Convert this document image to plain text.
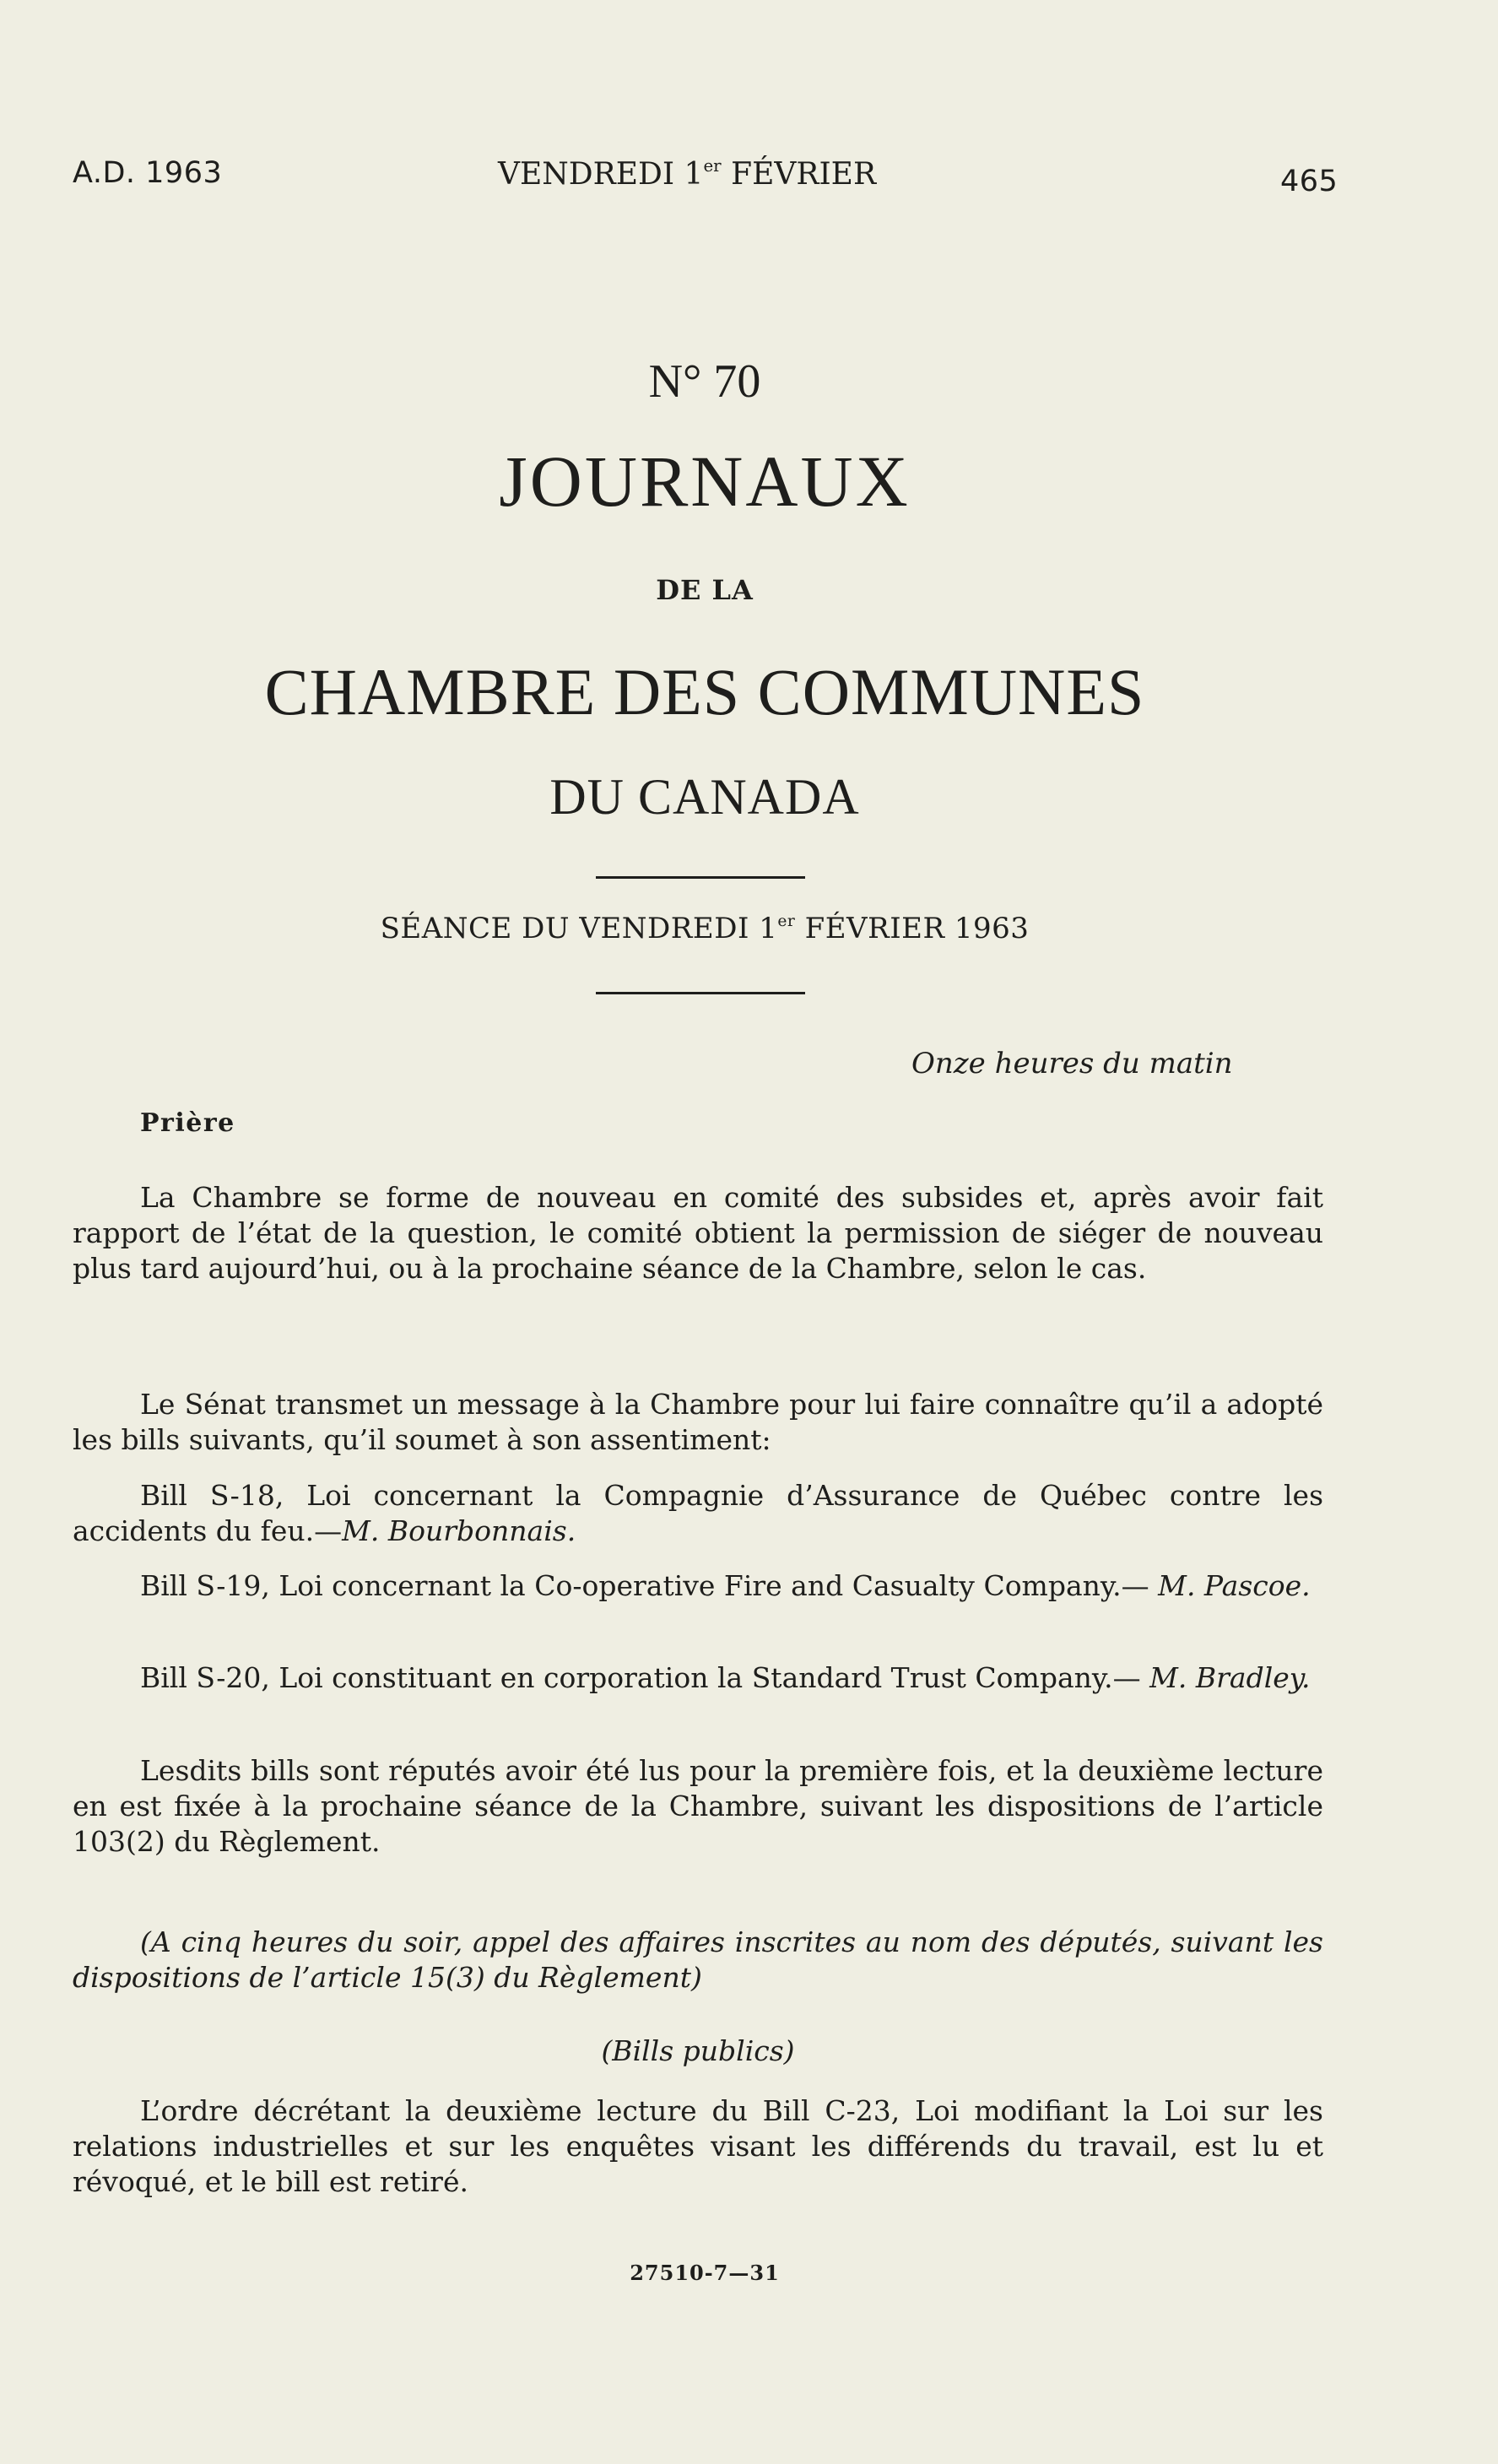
A.D. 1963	VENDREDI 1er FÉVRIER	465
N° 70
JOURNAUX
DE LA
CHAMBRE DES COMMUNES
DU CANADA
SÉANCE DU VENDREDI 1er FÉVRIER 1963
Onze heures du matin
Prière
La Chambre se forme de nouveau en comité des subsides et, après avoir fait rapport de l’état de la question, le comité obtient la permission de siéger de nouveau plus tard aujourd’hui, ou à la prochaine séance de la Chambre, selon le cas.
Le Sénat transmet un message à la Chambre pour lui faire connaître qu’il a adopté les bills suivants, qu’il soumet à son assentiment:
Bill S-18, Loi concernant la Compagnie d’Assurance de Québec contre les accidents du feu.—M. Bourbonnais.
Bill S-19, Loi concernant la Co-operative Fire and Casualty Company.— M. Pascoe.
Bill S-20, Loi constituant en corporation la Standard Trust Company.— M. Bradley.
Lesdits bills sont réputés avoir été lus pour la première fois, et la deuxième lecture en est fixée à la prochaine séance de la Chambre, suivant les dispositions de l’article 103(2) du Règlement.
(A cinq heures du soir, appel des affaires inscrites au nom des députés, suivant les dispositions de l’article 15(3) du Règlement)
(Bills publics)
L’ordre décrétant la deuxième lecture du Bill C-23, Loi modifiant la Loi sur les relations industrielles et sur les enquêtes visant les différends du travail, est lu et révoqué, et le bill est retiré.
27510-7—31
